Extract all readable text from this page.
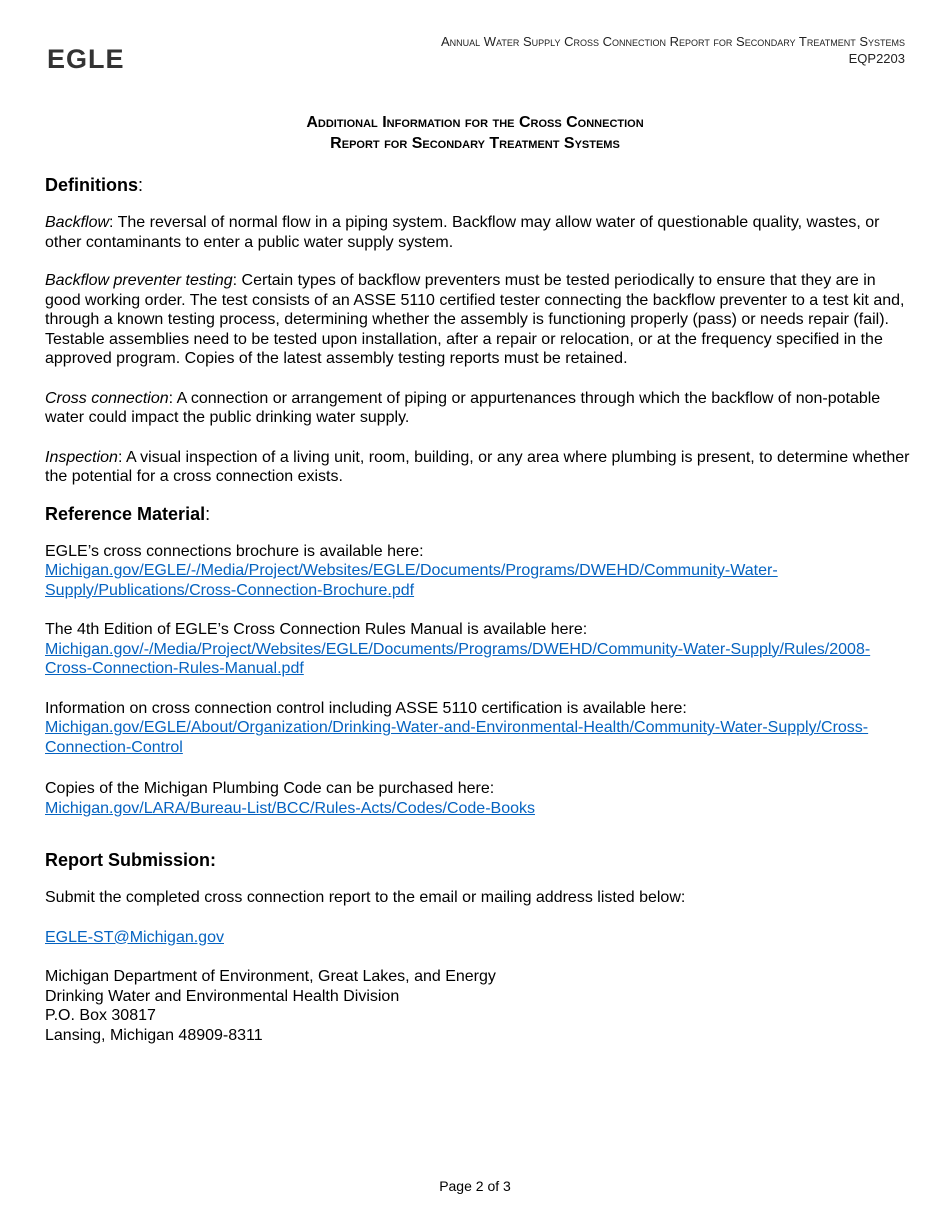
EGLE
Annual Water Supply Cross Connection Report for Secondary Treatment Systems
EQP2203
Additional Information for the Cross Connection
Report for Secondary Treatment Systems
Definitions:

Backflow: The reversal of normal flow in a piping system. Backflow may allow water of questionable quality, wastes, or other contaminants to enter a public water supply system.

Backflow preventer testing: Certain types of backflow preventers must be tested periodically to ensure that they are in good working order. The test consists of an ASSE 5110 certified tester connecting the backflow preventer to a test kit and, through a known testing process, determining whether the assembly is functioning properly (pass) or needs repair (fail). Testable assemblies need to be tested upon installation, after a repair or relocation, or at the frequency specified in the approved program. Copies of the latest assembly testing reports must be retained.

Cross connection: A connection or arrangement of piping or appurtenances through which the backflow of non-potable water could impact the public drinking water supply.

Inspection: A visual inspection of a living unit, room, building, or any area where plumbing is present, to determine whether the potential for a cross connection exists.

Reference Material:

EGLE’s cross connections brochure is available here:
Michigan.gov/EGLE/-/Media/Project/Websites/EGLE/Documents/Programs/DWEHD/Community-Water-Supply/Publications/Cross-Connection-Brochure.pdf

The 4th Edition of EGLE’s Cross Connection Rules Manual is available here:
Michigan.gov/-/Media/Project/Websites/EGLE/Documents/Programs/DWEHD/Community-Water-Supply/Rules/2008-Cross-Connection-Rules-Manual.pdf

Information on cross connection control including ASSE 5110 certification is available here:
Michigan.gov/EGLE/About/Organization/Drinking-Water-and-Environmental-Health/Community-Water-Supply/Cross-Connection-Control

Copies of the Michigan Plumbing Code can be purchased here:
Michigan.gov/LARA/Bureau-List/BCC/Rules-Acts/Codes/Code-Books

Report Submission:

Submit the completed cross connection report to the email or mailing address listed below:

EGLE-ST@Michigan.gov

Michigan Department of Environment, Great Lakes, and Energy
Drinking Water and Environmental Health Division
P.O. Box 30817
Lansing, Michigan 48909-8311

Page 2 of 3
